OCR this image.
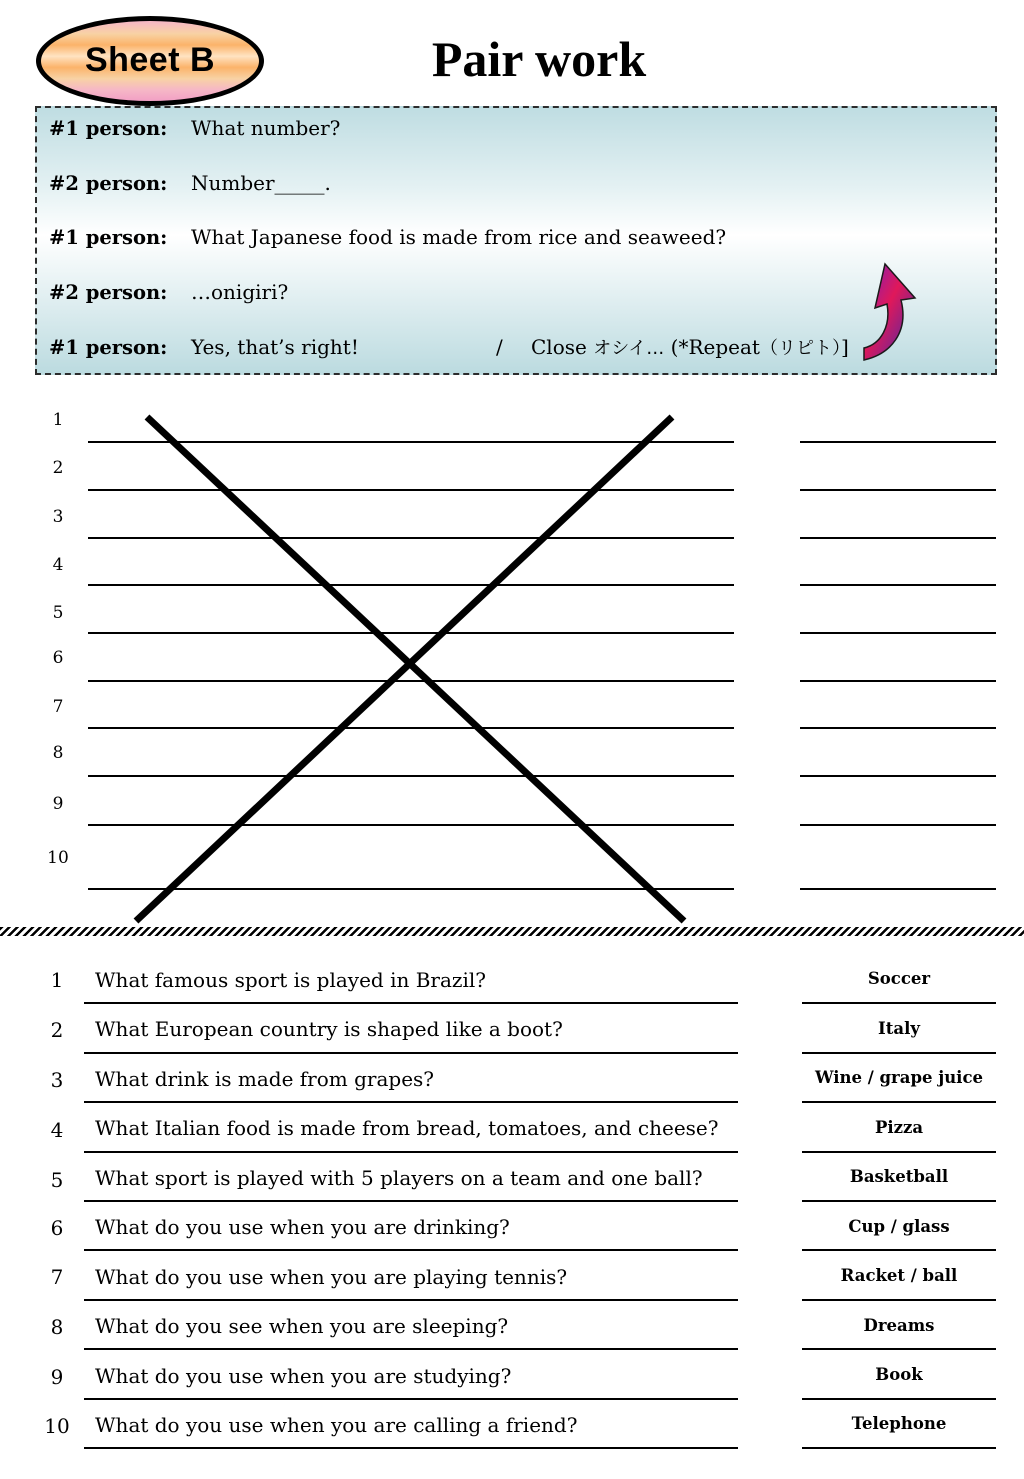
Sheet B	Pair work
#1 person:	What number?
#2 person:	Number_____.
#1 person:	What Japanese food is made from rice and seaweed?
#2 person:	…onigiri?
#1 person:	Yes, that’s right!	/ Close オシイ… (*Repeat（リピト）]
1
2
3
4
5
6
7
8
9
10
1	What famous sport is played in Brazil?	Soccer
2	What European country is shaped like a boot?	Italy
3	What drink is made from grapes?	Wine / grape juice
4	What Italian food is made from bread, tomatoes, and cheese?	Pizza
5	What sport is played with 5 players on a team and one ball?	Basketball
6	What do you use when you are drinking?	Cup / glass
7	What do you use when you are playing tennis?	Racket / ball
8	What do you see when you are sleeping?	Dreams
9	What do you use when you are studying?	Book
10 What do you use when you are calling a friend?	Telephone
